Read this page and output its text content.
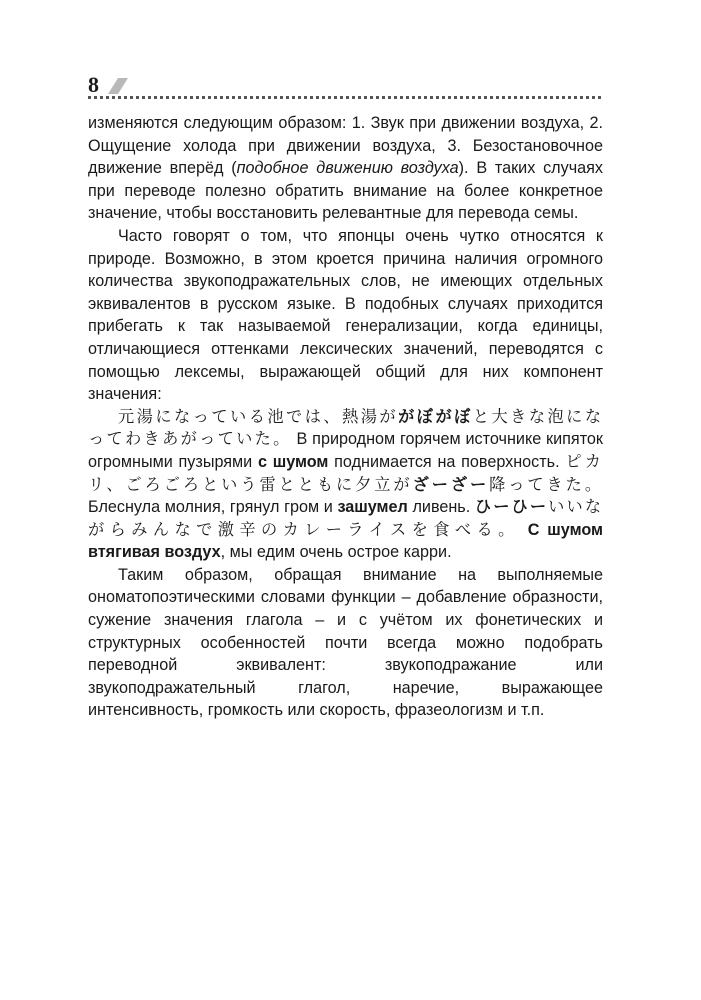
8

изменяются следующим образом: 1. Звук при движении воздуха, 2. Ощущение холода при движении воздуха, 3. Безостановочное движение вперёд (подобное движению воздуха). В таких случаях при переводе полезно обратить внимание на более конкретное значение, чтобы восстановить релевантные для перевода семы.

Часто говорят о том, что японцы очень чутко относятся к природе. Возможно, в этом кроется причина наличия огромного количества звукоподражательных слов, не имеющих отдельных эквивалентов в русском языке. В подобных случаях приходится прибегать к так называемой генерализации, когда единицы, отличающиеся оттенками лексических значений, переводятся с помощью лексемы, выражающей общий для них компонент значения:

元湯になっている池では、熱湯ががぼがぼと大きな泡になってわきあがっていた。 В природном горячем источнике кипяток огромными пузырями с шумом поднимается на поверхность. ピカリ、ごろごろという雷とともに夕立がざーざー降ってきた。 Блеснула молния, грянул гром и зашумел ливень. ひーひーいいながらみんなで激辛のカレーライスを食べる。 С шумом втягивая воздух, мы едим очень острое карри.

Таким образом, обращая внимание на выполняемые ономатопоэтическими словами функции – добавление образности, сужение значения глагола – и с учётом их фонетических и структурных особенностей почти всегда можно подобрать переводной эквивалент: звукоподражание или звукоподражательный глагол, наречие, выражающее интенсивность, громкость или скорость, фразеологизм и т.п.
